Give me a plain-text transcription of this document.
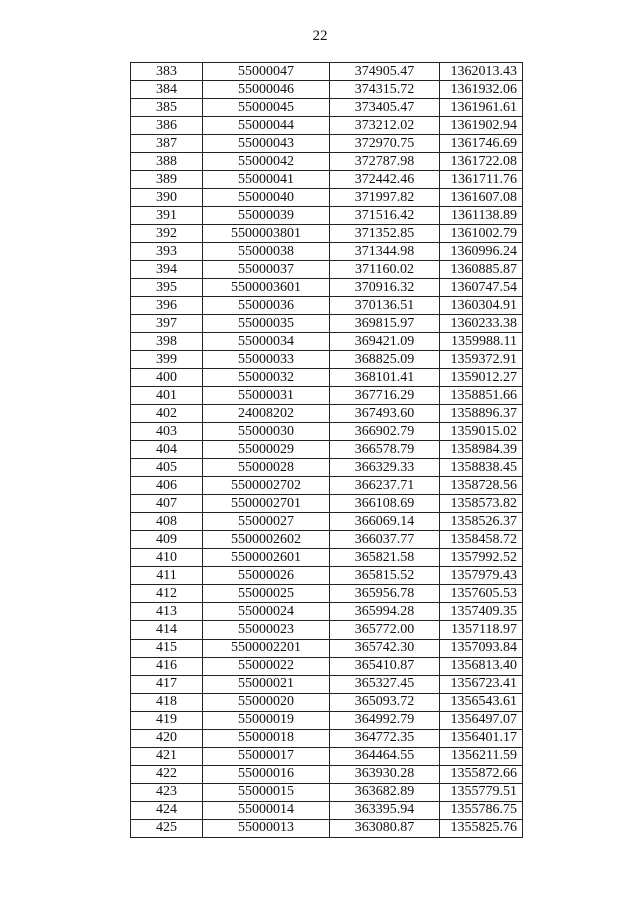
22
383	55000047	374905.47	1362013.43
384	55000046	374315.72	1361932.06
385	55000045	373405.47	1361961.61
386	55000044	373212.02	1361902.94
387	55000043	372970.75	1361746.69
388	55000042	372787.98	1361722.08
389	55000041	372442.46	1361711.76
390	55000040	371997.82	1361607.08
391	55000039	371516.42	1361138.89
392	5500003801	371352.85	1361002.79
393	55000038	371344.98	1360996.24
394	55000037	371160.02	1360885.87
395	5500003601	370916.32	1360747.54
396	55000036	370136.51	1360304.91
397	55000035	369815.97	1360233.38
398	55000034	369421.09	1359988.11
399	55000033	368825.09	1359372.91
400	55000032	368101.41	1359012.27
401	55000031	367716.29	1358851.66
402	24008202	367493.60	1358896.37
403	55000030	366902.79	1359015.02
404	55000029	366578.79	1358984.39
405	55000028	366329.33	1358838.45
406	5500002702	366237.71	1358728.56
407	5500002701	366108.69	1358573.82
408	55000027	366069.14	1358526.37
409	5500002602	366037.77	1358458.72
410	5500002601	365821.58	1357992.52
411	55000026	365815.52	1357979.43
412	55000025	365956.78	1357605.53
413	55000024	365994.28	1357409.35
414	55000023	365772.00	1357118.97
415	5500002201	365742.30	1357093.84
416	55000022	365410.87	1356813.40
417	55000021	365327.45	1356723.41
418	55000020	365093.72	1356543.61
419	55000019	364992.79	1356497.07
420	55000018	364772.35	1356401.17
421	55000017	364464.55	1356211.59
422	55000016	363930.28	1355872.66
423	55000015	363682.89	1355779.51
424	55000014	363395.94	1355786.75
425	55000013	363080.87	1355825.76
